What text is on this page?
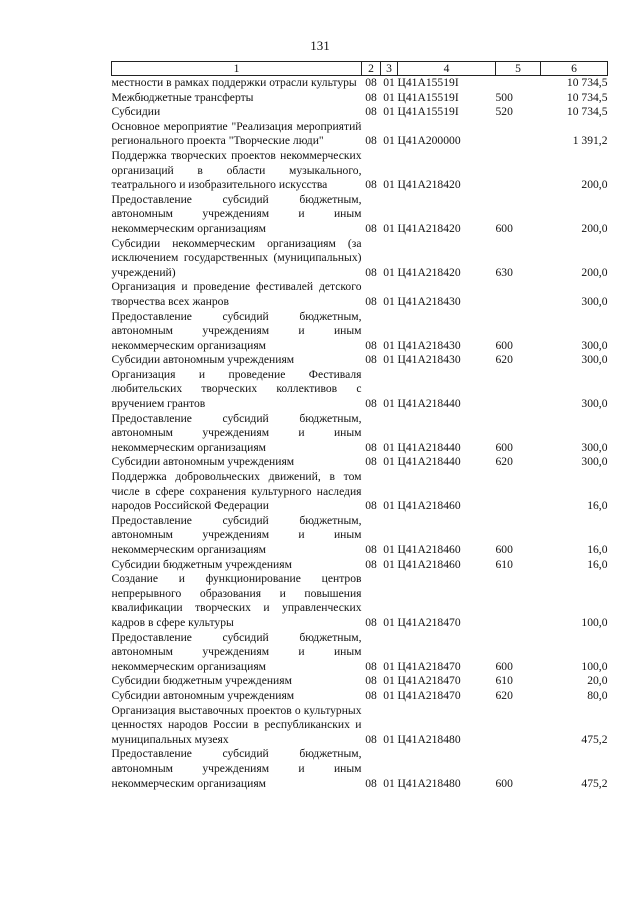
131
1	2	3	4	5	6
местности в рамках поддержки отрасли культуры	08	01	Ц41А15519I		10 734,5
Межбюджетные трансферты	08	01	Ц41А15519I	500	10 734,5
Субсидии	08	01	Ц41А15519I	520	10 734,5
Основное мероприятие "Реализация мероприятий регионального проекта "Творческие люди"	08	01	Ц41А200000		1 391,2
Поддержка творческих проектов некоммерческих организаций в области музыкального, театрального и изобразительного искусства	08	01	Ц41А218420		200,0
Предоставление субсидий бюджетным, автономным учреждениям и иным некоммерческим организациям	08	01	Ц41А218420	600	200,0
Субсидии некоммерческим организациям (за исключением государственных (муниципальных) учреждений)	08	01	Ц41А218420	630	200,0
Организация и проведение фестивалей детского творчества всех жанров	08	01	Ц41А218430		300,0
Предоставление субсидий бюджетным, автономным учреждениям и иным некоммерческим организациям	08	01	Ц41А218430	600	300,0
Субсидии автономным учреждениям	08	01	Ц41А218430	620	300,0
Организация и проведение Фестиваля любительских творческих коллективов с вручением грантов	08	01	Ц41А218440		300,0
Предоставление субсидий бюджетным, автономным учреждениям и иным некоммерческим организациям	08	01	Ц41А218440	600	300,0
Субсидии автономным учреждениям	08	01	Ц41А218440	620	300,0
Поддержка добровольческих движений, в том числе в сфере сохранения культурного наследия народов Российской Федерации	08	01	Ц41А218460		16,0
Предоставление субсидий бюджетным, автономным учреждениям и иным некоммерческим организациям	08	01	Ц41А218460	600	16,0
Субсидии бюджетным учреждениям	08	01	Ц41А218460	610	16,0
Создание и функционирование центров непрерывного образования и повышения квалификации творческих и управленческих кадров в сфере культуры	08	01	Ц41А218470		100,0
Предоставление субсидий бюджетным, автономным учреждениям и иным некоммерческим организациям	08	01	Ц41А218470	600	100,0
Субсидии бюджетным учреждениям	08	01	Ц41А218470	610	20,0
Субсидии автономным учреждениям	08	01	Ц41А218470	620	80,0
Организация выставочных проектов о культурных ценностях народов России в республиканских и муниципальных музеях	08	01	Ц41А218480		475,2
Предоставление субсидий бюджетным, автономным учреждениям и иным некоммерческим организациям	08	01	Ц41А218480	600	475,2
